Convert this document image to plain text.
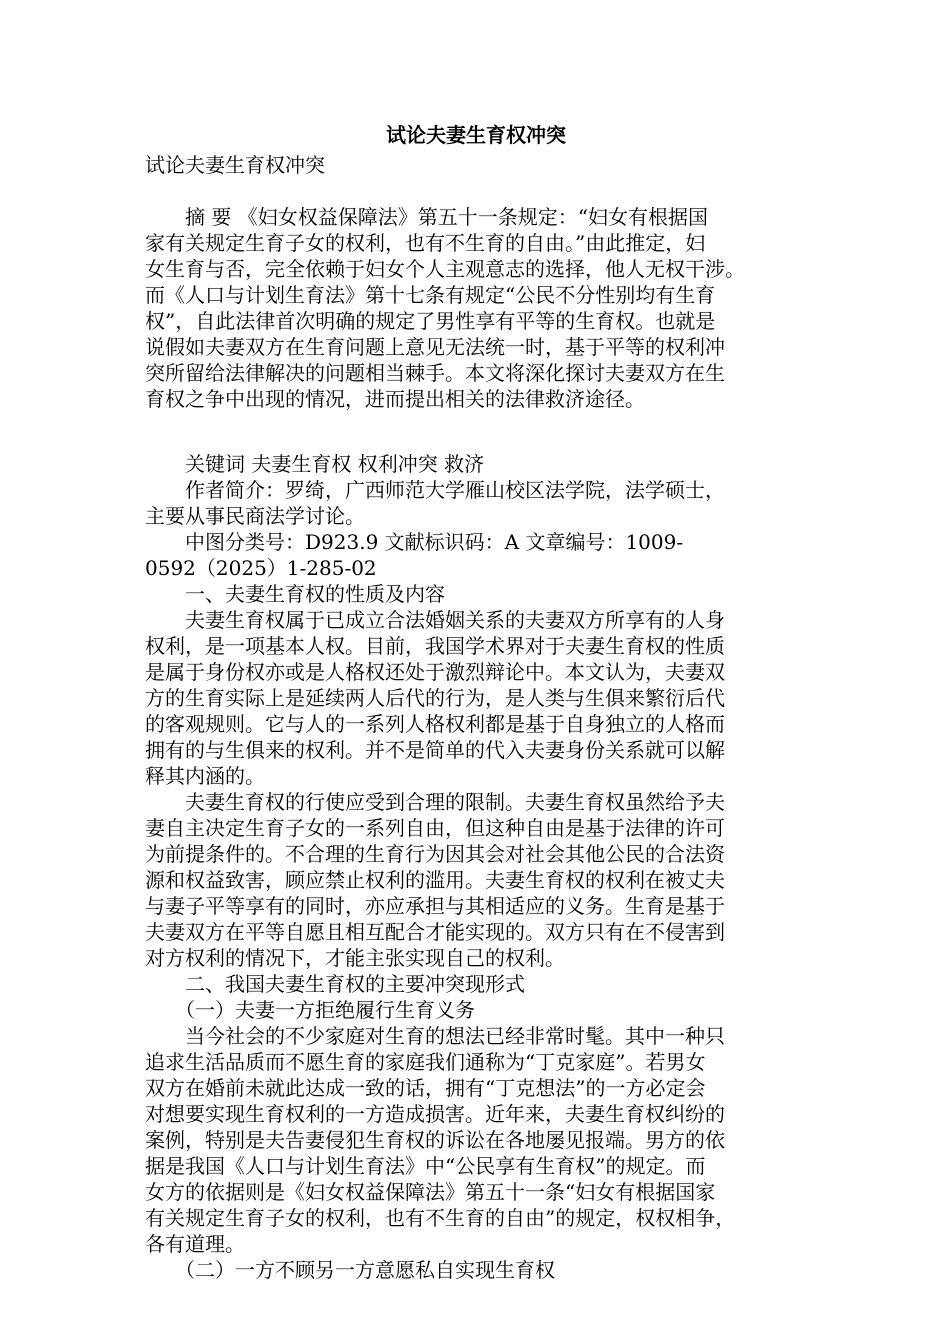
试论夫妻生育权冲突

试论夫妻生育权冲突

　　摘 要 《妇女权益保障法》第五十一条规定：“妇女有根据国

家有关规定生育子女的权利，也有不生育的自由。”由此推定，妇

女生育与否，完全依赖于妇女个人主观意志的选择，他人无权干涉。

而《人口与计划生育法》第十七条有规定“公民不分性别均有生育

权”，自此法律首次明确的规定了男性享有平等的生育权。也就是

说假如夫妻双方在生育问题上意见无法统一时，基于平等的权利冲

突所留给法律解决的问题相当棘手。本文将深化探讨夫妻双方在生

育权之争中出现的情况，进而提出相关的法律救济途径。

　　关键词 夫妻生育权 权利冲突 救济

　　作者简介：罗绮，广西师范大学雁山校区法学院，法学硕士，

主要从事民商法学讨论。

　　中图分类号：D923.9 文献标识码：A 文章编号：1009-

0592（2025）1-285-02

　　一、夫妻生育权的性质及内容

　　夫妻生育权属于已成立合法婚姻关系的夫妻双方所享有的人身

权利，是一项基本人权。目前，我国学术界对于夫妻生育权的性质

是属于身份权亦或是人格权还处于激烈辩论中。本文认为，夫妻双

方的生育实际上是延续两人后代的行为，是人类与生俱来繁衍后代

的客观规则。它与人的一系列人格权利都是基于自身独立的人格而

拥有的与生俱来的权利。并不是简单的代入夫妻身份关系就可以解

释其内涵的。

　　夫妻生育权的行使应受到合理的限制。夫妻生育权虽然给予夫

妻自主决定生育子女的一系列自由，但这种自由是基于法律的许可

为前提条件的。不合理的生育行为因其会对社会其他公民的合法资

源和权益致害，顾应禁止权利的滥用。夫妻生育权的权利在被丈夫

与妻子平等享有的同时，亦应承担与其相适应的义务。生育是基于

夫妻双方在平等自愿且相互配合才能实现的。双方只有在不侵害到

对方权利的情况下，才能主张实现自己的权利。

　　二、我国夫妻生育权的主要冲突现形式

　　（一）夫妻一方拒绝履行生育义务

　　当今社会的不少家庭对生育的想法已经非常时髦。其中一种只

追求生活品质而不愿生育的家庭我们通称为“丁克家庭”。若男女

双方在婚前未就此达成一致的话，拥有“丁克想法”的一方必定会

对想要实现生育权利的一方造成损害。近年来，夫妻生育权纠纷的

案例，特别是夫告妻侵犯生育权的诉讼在各地屡见报端。男方的依

据是我国《人口与计划生育法》中“公民享有生育权”的规定。而

女方的依据则是《妇女权益保障法》第五十一条“妇女有根据国家

有关规定生育子女的权利，也有不生育的自由”的规定，权权相争，

各有道理。

　　（二）一方不顾另一方意愿私自实现生育权
